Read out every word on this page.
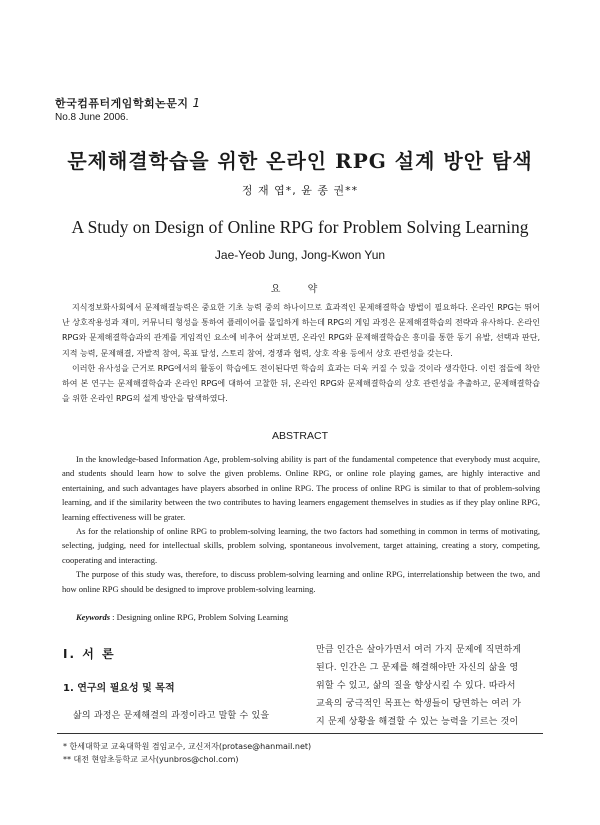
한국컴퓨터게임학회논문지 1
No.8 June 2006.
문제해결학습을 위한 온라인 RPG 설계 방안 탐색
정 재 엽*, 윤 종 권**
A Study on Design of Online RPG for Problem Solving Learning
Jae-Yeob Jung, Jong-Kwon Yun
요 약

지식정보화사회에서 문제해결능력은 중요한 기초 능력 중의 하나이므로 효과적인 문제해결학습 방법이 필요하다. 온라인 RPG는 뛰어난 상호작용성과 재미, 커뮤니티 형성을 통하여 플레이어를 몰입하게 하는데 RPG의 게임 과정은 문제해결학습의 전략과 유사하다. 온라인 RPG와 문제해결학습과의 관계를 게임적인 요소에 비추어 살펴보면, 온라인 RPG와 문제해결학습은 흥미를 통한 동기 유발, 선택과 판단, 지적 능력, 문제해결, 자발적 참여, 목표 달성, 스토리 참여, 경쟁과 협력, 상호 작용 등에서 상호 관련성을 갖는다.

이러한 유사성을 근거로 RPG에서의 활동이 학습에도 전이된다면 학습의 효과는 더욱 커질 수 있을 것이라 생각한다. 이런 점들에 착안하여 본 연구는 문제해결학습과 온라인 RPG에 대하여 고찰한 뒤, 온라인 RPG와 문제해결학습의 상호 관련성을 추출하고, 문제해결학습을 위한 온라인 RPG의 설계 방안을 탐색하였다.

ABSTRACT

In the knowledge-based Information Age, problem-solving ability is part of the fundamental competence that everybody must acquire, and students should learn how to solve the given problems. Online RPG, or online role playing games, are highly interactive and entertaining, and such advantages have players absorbed in online RPG. The process of online RPG is similar to that of problem-solving learning, and if the similarity between the two contributes to having learners engagement themselves in studies as if they play online RPG, learning effectiveness will be grater.

As for the relationship of online RPG to problem-solving learning, the two factors had something in common in terms of motivating, selecting, judging, need for intellectual skills, problem solving, spontaneous involvement, target attaining, creating a story, competing, cooperating and interacting.

The purpose of this study was, therefore, to discuss problem-solving learning and online RPG, interrelationship between the two, and how online RPG should be designed to improve problem-solving learning.

Keywords : Designing online RPG, Problem Solving Learning
Ⅰ. 서 론
1. 연구의 필요성 및 목적
삶의 과정은 문제해결의 과정이라고 말할 수 있을
만큼 인간은 살아가면서 여러 가지 문제에 직면하게
된다. 인간은 그 문제를 해결해야만 자신의 삶을 영
위할 수 있고, 삶의 질을 향상시킬 수 있다. 따라서
교육의 궁극적인 목표는 학생들이 당면하는 여러 가
지 문제 상황을 해결할 수 있는 능력을 기르는 것이
* 한세대학교 교육대학원 겸임교수, 교신저자(protase@hanmail.net)
** 대전 현암초등학교 교사(yunbros@chol.com)
